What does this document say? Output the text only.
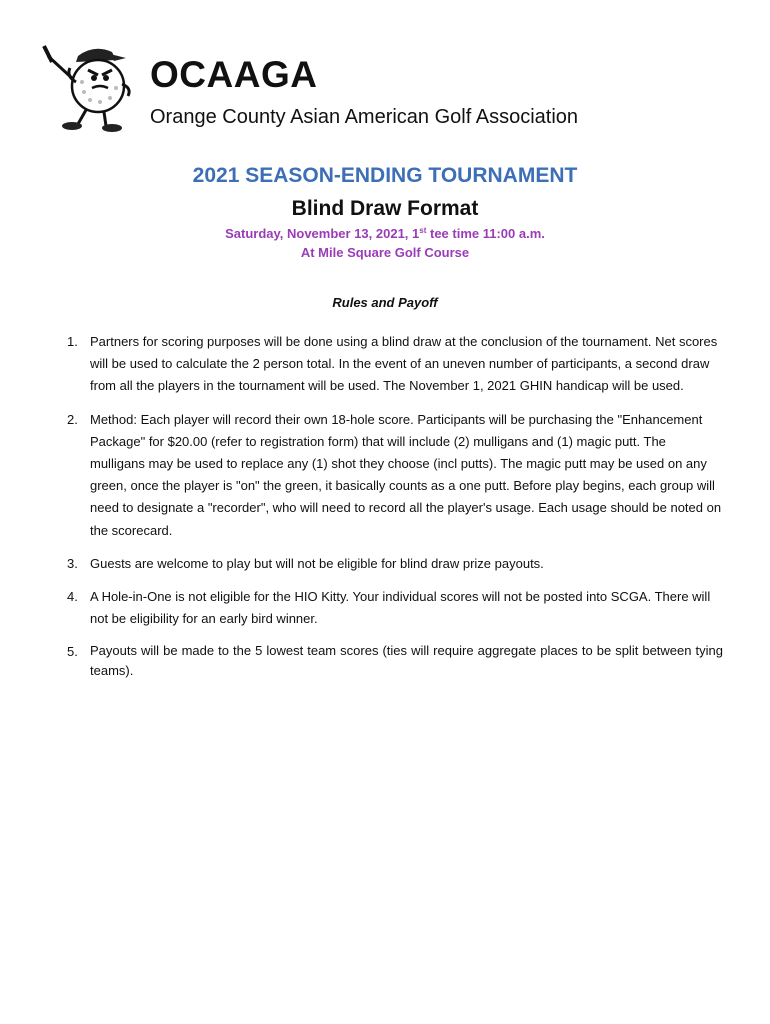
OCAAGA
Orange County Asian American Golf Association
2021 SEASON-ENDING TOURNAMENT
Blind Draw Format
Saturday, November 13, 2021, 1st tee time 11:00 a.m.
At Mile Square Golf Course
Rules and Payoff
1. Partners for scoring purposes will be done using a blind draw at the conclusion of the tournament. Net scores will be used to calculate the 2 person total. In the event of an uneven number of participants, a second draw from all the players in the tournament will be used. The November 1, 2021 GHIN handicap will be used.
2. Method: Each player will record their own 18-hole score. Participants will be purchasing the "Enhancement Package" for $20.00 (refer to registration form) that will include (2) mulligans and (1) magic putt. The mulligans may be used to replace any (1) shot they choose (incl putts). The magic putt may be used on any green, once the player is "on" the green, it basically counts as a one putt. Before play begins, each group will need to designate a "recorder", who will need to record all the player's usage. Each usage should be noted on the scorecard.
3. Guests are welcome to play but will not be eligible for blind draw prize payouts.
4. A Hole-in-One is not eligible for the HIO Kitty. Your individual scores will not be posted into SCGA. There will not be eligibility for an early bird winner.
5. Payouts will be made to the 5 lowest team scores (ties will require aggregate places to be split between tying teams).
